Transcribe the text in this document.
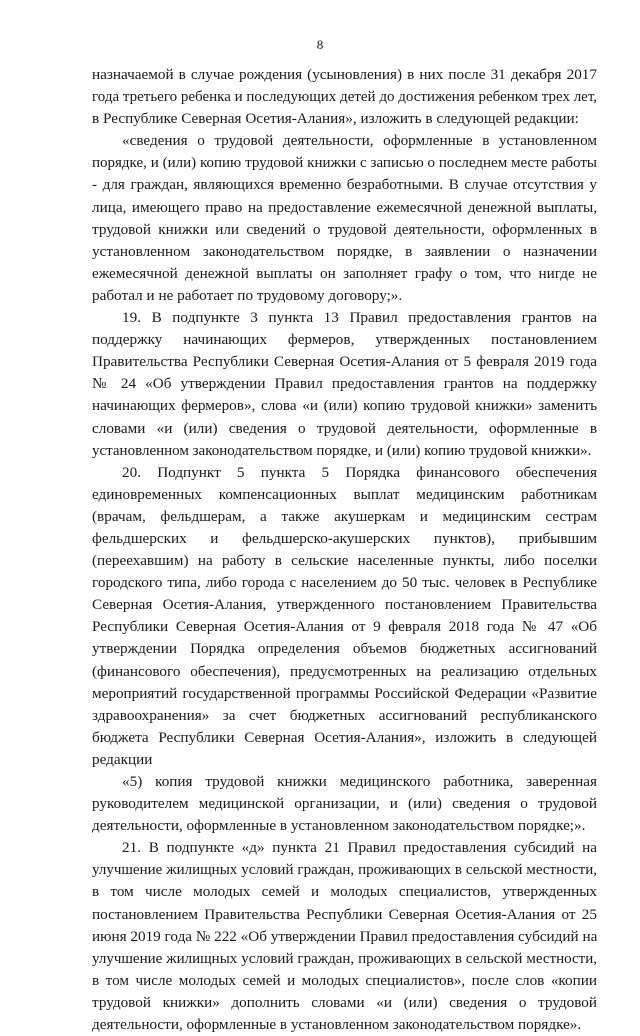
8
назначаемой в случае рождения (усыновления) в них после 31 декабря 2017
года третьего ребенка и последующих детей до достижения ребенком трех лет,
в Республике Северная Осетия-Алания», изложить в следующей редакции:
«сведения о трудовой деятельности, оформленные в установленном
порядке, и (или) копию трудовой книжки с записью о последнем месте работы
- для граждан, являющихся временно безработными. В случае отсутствия у
лица, имеющего право на предоставление ежемесячной денежной выплаты,
трудовой книжки или сведений о трудовой деятельности, оформленных в
установленном законодательством порядке, в заявлении о назначении
ежемесячной денежной выплаты он заполняет графу о том, что нигде не
работал и не работает по трудовому договору;».
19. В подпункте 3 пункта 13 Правил предоставления грантов на
поддержку начинающих фермеров, утвержденных постановлением
Правительства Республики Северная Осетия-Алания от 5 февраля 2019 года
№ 24 «Об утверждении Правил предоставления грантов на поддержку
начинающих фермеров», слова «и (или) копию трудовой книжки» заменить
словами «и (или) сведения о трудовой деятельности, оформленные в
установленном законодательством порядке, и (или) копию трудовой книжки».
20. Подпункт 5 пункта 5 Порядка финансового обеспечения
единовременных компенсационных выплат медицинским работникам
(врачам, фельдшерам, а также акушеркам и медицинским сестрам
фельдшерских и фельдшерско-акушерских пунктов), прибывшим
(переехавшим) на работу в сельские населенные пункты, либо поселки
городского типа, либо города с населением до 50 тыс. человек в Республике
Северная Осетия-Алания, утвержденного постановлением Правительства
Республики Северная Осетия-Алания от 9 февраля 2018 года № 47 «Об
утверждении Порядка определения объемов бюджетных ассигнований
(финансового обеспечения), предусмотренных на реализацию отдельных
мероприятий государственной программы Российской Федерации «Развитие
здравоохранения» за счет бюджетных ассигнований республиканского
бюджета Республики Северная Осетия-Алания», изложить в следующей
редакции
«5) копия трудовой книжки медицинского работника, заверенная
руководителем медицинской организации, и (или) сведения о трудовой
деятельности, оформленные в установленном законодательством порядке;».
21. В подпункте «д» пункта 21 Правил предоставления субсидий на
улучшение жилищных условий граждан, проживающих в сельской местности,
в том числе молодых семей и молодых специалистов, утвержденных
постановлением Правительства Республики Северная Осетия-Алания от 25
июня 2019 года № 222 «Об утверждении Правил предоставления субсидий на
улучшение жилищных условий граждан, проживающих в сельской местности,
в том числе молодых семей и молодых специалистов», после слов «копии
трудовой книжки» дополнить словами «и (или) сведения о трудовой
деятельности, оформленные в установленном законодательством порядке».
